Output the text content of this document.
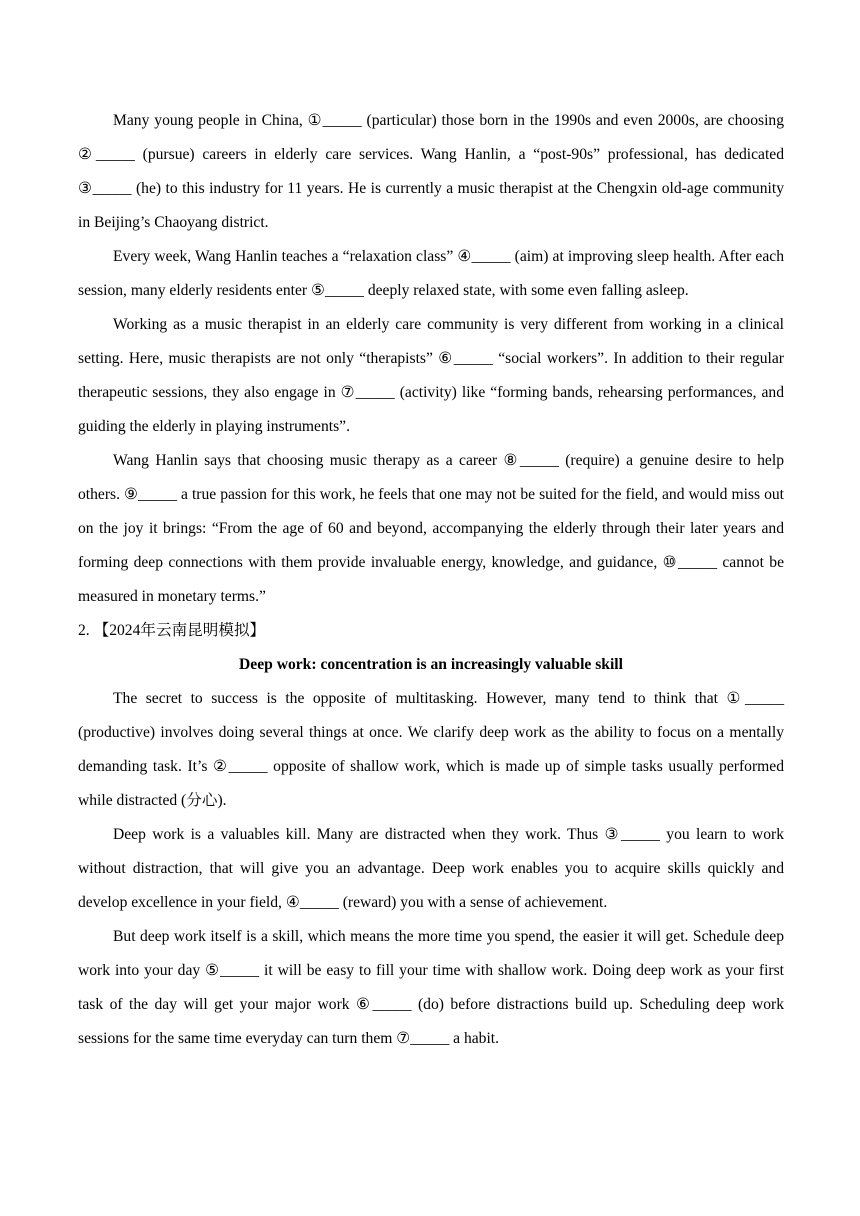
Many young people in China, ①_____ (particular) those born in the 1990s and even 2000s, are choosing ②_____ (pursue) careers in elderly care services. Wang Hanlin, a “post-90s” professional, has dedicated ③_____ (he) to this industry for 11 years. He is currently a music therapist at the Chengxin old-age community in Beijing’s Chaoyang district.

Every week, Wang Hanlin teaches a “relaxation class” ④_____ (aim) at improving sleep health. After each session, many elderly residents enter ⑤_____ deeply relaxed state, with some even falling asleep.

Working as a music therapist in an elderly care community is very different from working in a clinical setting. Here, music therapists are not only “therapists” ⑥_____ “social workers”. In addition to their regular therapeutic sessions, they also engage in ⑦_____ (activity) like “forming bands, rehearsing performances, and guiding the elderly in playing instruments”.

Wang Hanlin says that choosing music therapy as a career ⑧_____ (require) a genuine desire to help others. ⑨_____ a true passion for this work, he feels that one may not be suited for the field, and would miss out on the joy it brings: “From the age of 60 and beyond, accompanying the elderly through their later years and forming deep connections with them provide invaluable energy, knowledge, and guidance, ⑩_____ cannot be measured in monetary terms.”

2. 【2024年云南昆明模拟】

Deep work: concentration is an increasingly valuable skill

The secret to success is the opposite of multitasking. However, many tend to think that ①_____ (productive) involves doing several things at once. We clarify deep work as the ability to focus on a mentally demanding task. It’s ②_____ opposite of shallow work, which is made up of simple tasks usually performed while distracted (分心).

Deep work is a valuables kill. Many are distracted when they work. Thus ③_____ you learn to work without distraction, that will give you an advantage. Deep work enables you to acquire skills quickly and develop excellence in your field, ④_____ (reward) you with a sense of achievement.

But deep work itself is a skill, which means the more time you spend, the easier it will get. Schedule deep work into your day ⑤_____ it will be easy to fill your time with shallow work. Doing deep work as your first task of the day will get your major work ⑥_____ (do) before distractions build up. Scheduling deep work sessions for the same time everyday can turn them ⑦_____ a habit.
